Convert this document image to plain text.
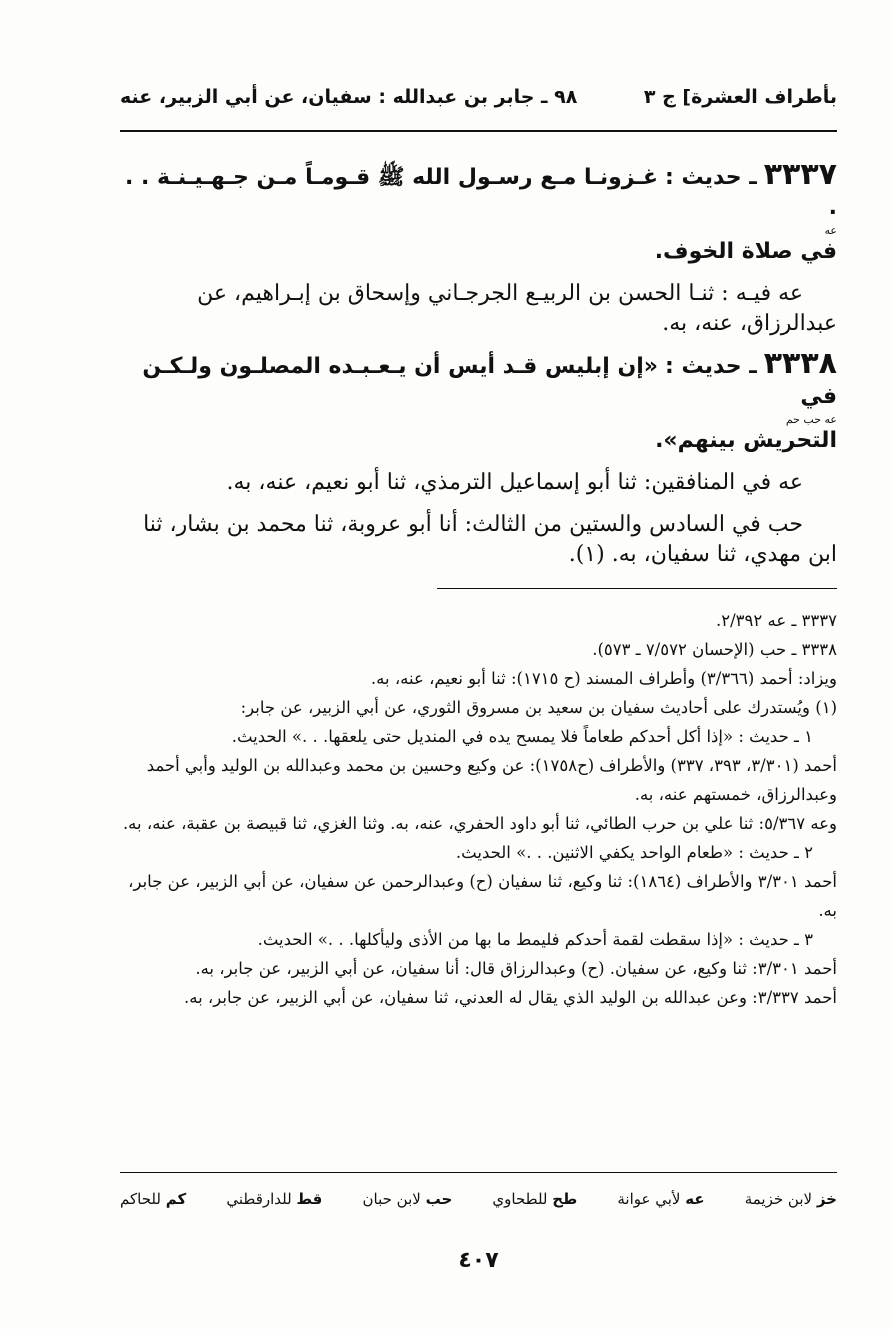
بأطراف العشرة] ج ٣
٩٨ ـ جابر بن عبدالله : سفيان، عن أبي الزبير، عنه

٣٣٣٧ ـ حديث : غـزونـا مـع رسـول الله ﷺ قـومـاً مـن جـهـيـنـة . . .

عه

في صلاة الخوف.

عه فيـه : ثنـا الحسن بن الربيـع الجرجـاني وإسحاق بن إبـراهيم، عن عبدالرزاق، عنه، به.

٣٣٣٨ ـ حديث : «إن إبليس قـد أيس أن يـعـبـده المصلـون ولـكـن في

عه حب حم

التحريش بينهم».

عه في المنافقين: ثنا أبو إسماعيل الترمذي، ثنا أبو نعيم، عنه، به.

حب في السادس والستين من الثالث: أنا أبو عروبة، ثنا محمد بن بشار، ثنا ابن مهدي، ثنا سفيان، به. (١).

٣٣٣٧ ـ عه ٢/٣٩٢.

٣٣٣٨ ـ حب (الإحسان ٧/٥٧٢ ـ ٥٧٣).

ويزاد: أحمد (٣/٣٦٦) وأطراف المسند (ح ١٧١٥): ثنا أبو نعيم، عنه، به.

(١) ويُستدرك على أحاديث سفيان بن سعيد بن مسروق الثوري، عن أبي الزبير، عن جابر:

١ ـ حديث : «إذا أكل أحدكم طعاماً فلا يمسح يده في المنديل حتى يلعقها. . .» الحديث.

أحمد (٣/٣٠١، ٣٩٣، ٣٣٧) والأطراف (ح١٧٥٨): عن وكيع وحسين بن محمد وعبدالله بن الوليد وأبي أحمد وعبدالرزاق، خمستهم عنه، به.

وعه ٥/٣٦٧: ثنا علي بن حرب الطائي، ثنا أبو داود الحفري، عنه، به. وثنا الغزي، ثنا قبيصة بن عقبة، عنه، به.

٢ ـ حديث : «طعام الواحد يكفي الاثنين. . .» الحديث.

أحمد ٣/٣٠١ والأطراف (١٨٦٤): ثنا وكيع، ثنا سفيان (ح) وعبدالرحمن عن سفيان، عن أبي الزبير، عن جابر، به.

٣ ـ حديث : «إذا سقطت لقمة أحدكم فليمط ما بها من الأذى وليأكلها. . .» الحديث.

أحمد ٣/٣٠١: ثنا وكيع، عن سفيان. (ح) وعبدالرزاق قال: أنا سفيان، عن أبي الزبير، عن جابر، به.

أحمد ٣/٣٣٧: وعن عبدالله بن الوليد الذي يقال له العدني، ثنا سفيان، عن أبي الزبير، عن جابر، به.

خز لابن خزيمة
عه لأبي عوانة
طح للطحاوي
حب لابن حبان
قط للدارقطني
كم للحاكم
٤٠٧
